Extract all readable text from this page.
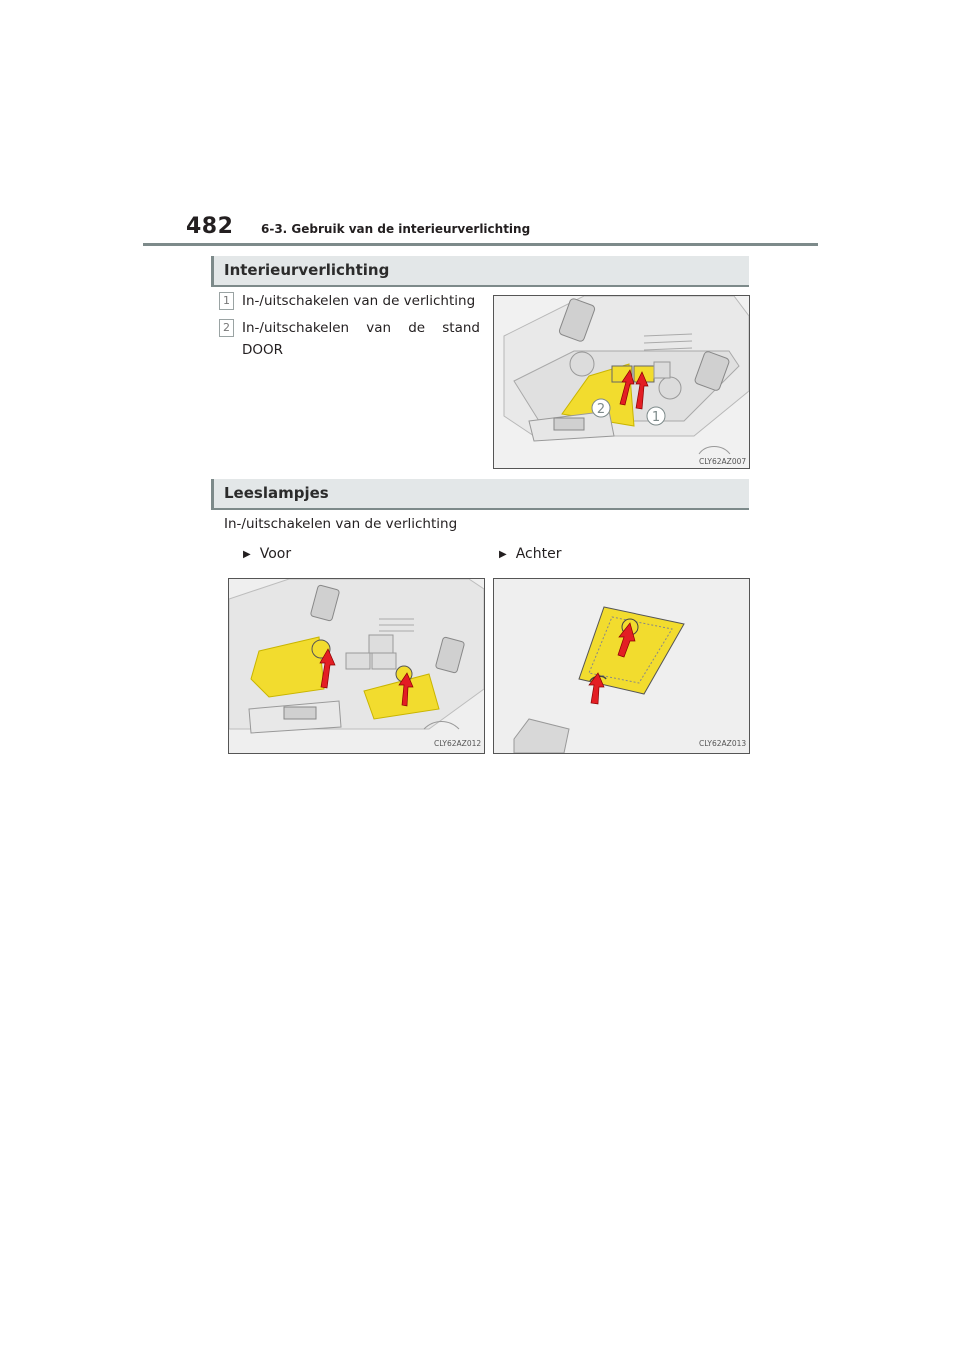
482 6-3. Gebruik van de interieurverlichting
Interieurverlichting
1 In-/uitschakelen van de verlichting
2 In-/uitschakelen van de stand DOOR
2
1
CLY62AZ007
Leeslampjes
In-/uitschakelen van de verlichting
▶ Voor	▶ Achter
CLY62AZ012	CLY62AZ013
